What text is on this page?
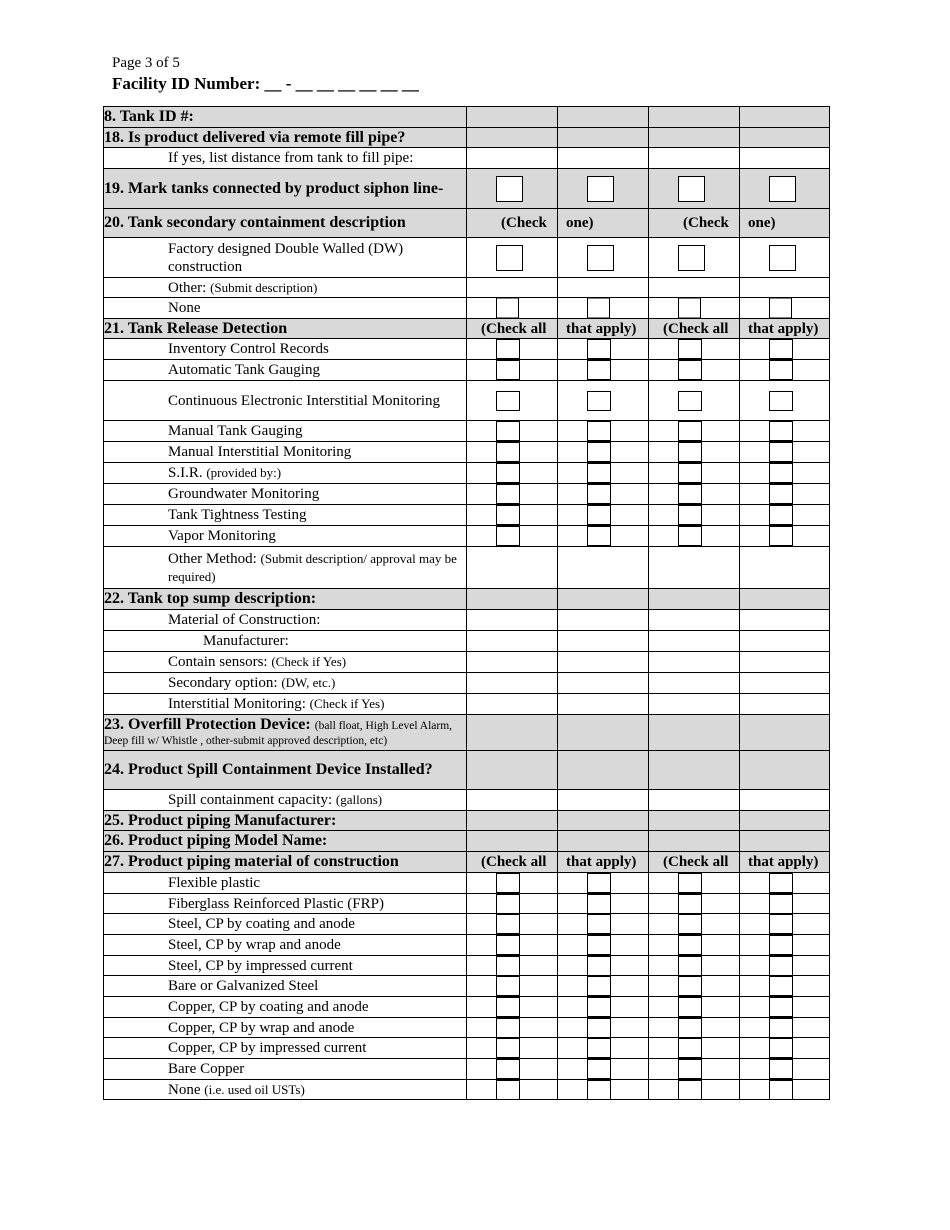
Page 3 of 5
Facility ID Number: __ - __ __ __ __ __ __
8. Tank ID #:				
18. Is product delivered via remote fill pipe?				
If yes, list distance from tank to fill pipe:				

19. Mark tanks connected by product siphon line-				

20. Tank secondary containment description	(Check	one)	(Check	one)

Factory designed Double Walled (DW) construction	

Other: (Submit description)				
None	

21. Tank Release Detection	(Check all	that apply)	(Check all	that apply)

Inventory Control Records	

Automatic Tank Gauging	

Continuous Electronic Interstitial Monitoring	

Manual Tank Gauging	

Manual Interstitial Monitoring	

S.I.R. (provided by:)	

Groundwater Monitoring	

Tank Tightness Testing	

Vapor Monitoring	

Other Method: (Submit description/ approval may be required)				
22. Tank top sump description:				
Material of Construction:				
Manufacturer:				
Contain sensors: (Check if Yes)				
Secondary option: (DW, etc.)				
Interstitial Monitoring: (Check if Yes)				
23. Overfill Protection Device: (ball float, High Level Alarm, Deep fill w/ Whistle , other-submit approved description, etc)				

24. Product Spill Containment Device Installed?				

Spill containment capacity: (gallons)				
25. Product piping Manufacturer:				
26. Product piping Model Name:				
27. Product piping material of construction	(Check all	that apply)	(Check all	that apply)

Flexible plastic	

Fiberglass Reinforced Plastic (FRP)	

Steel, CP by coating and anode	

Steel, CP by wrap and anode	

Steel, CP by impressed current	

Bare or Galvanized Steel	

Copper, CP by coating and anode	

Copper, CP by wrap and anode	

Copper, CP by impressed current	

Bare Copper	

None (i.e. used oil USTs)	
